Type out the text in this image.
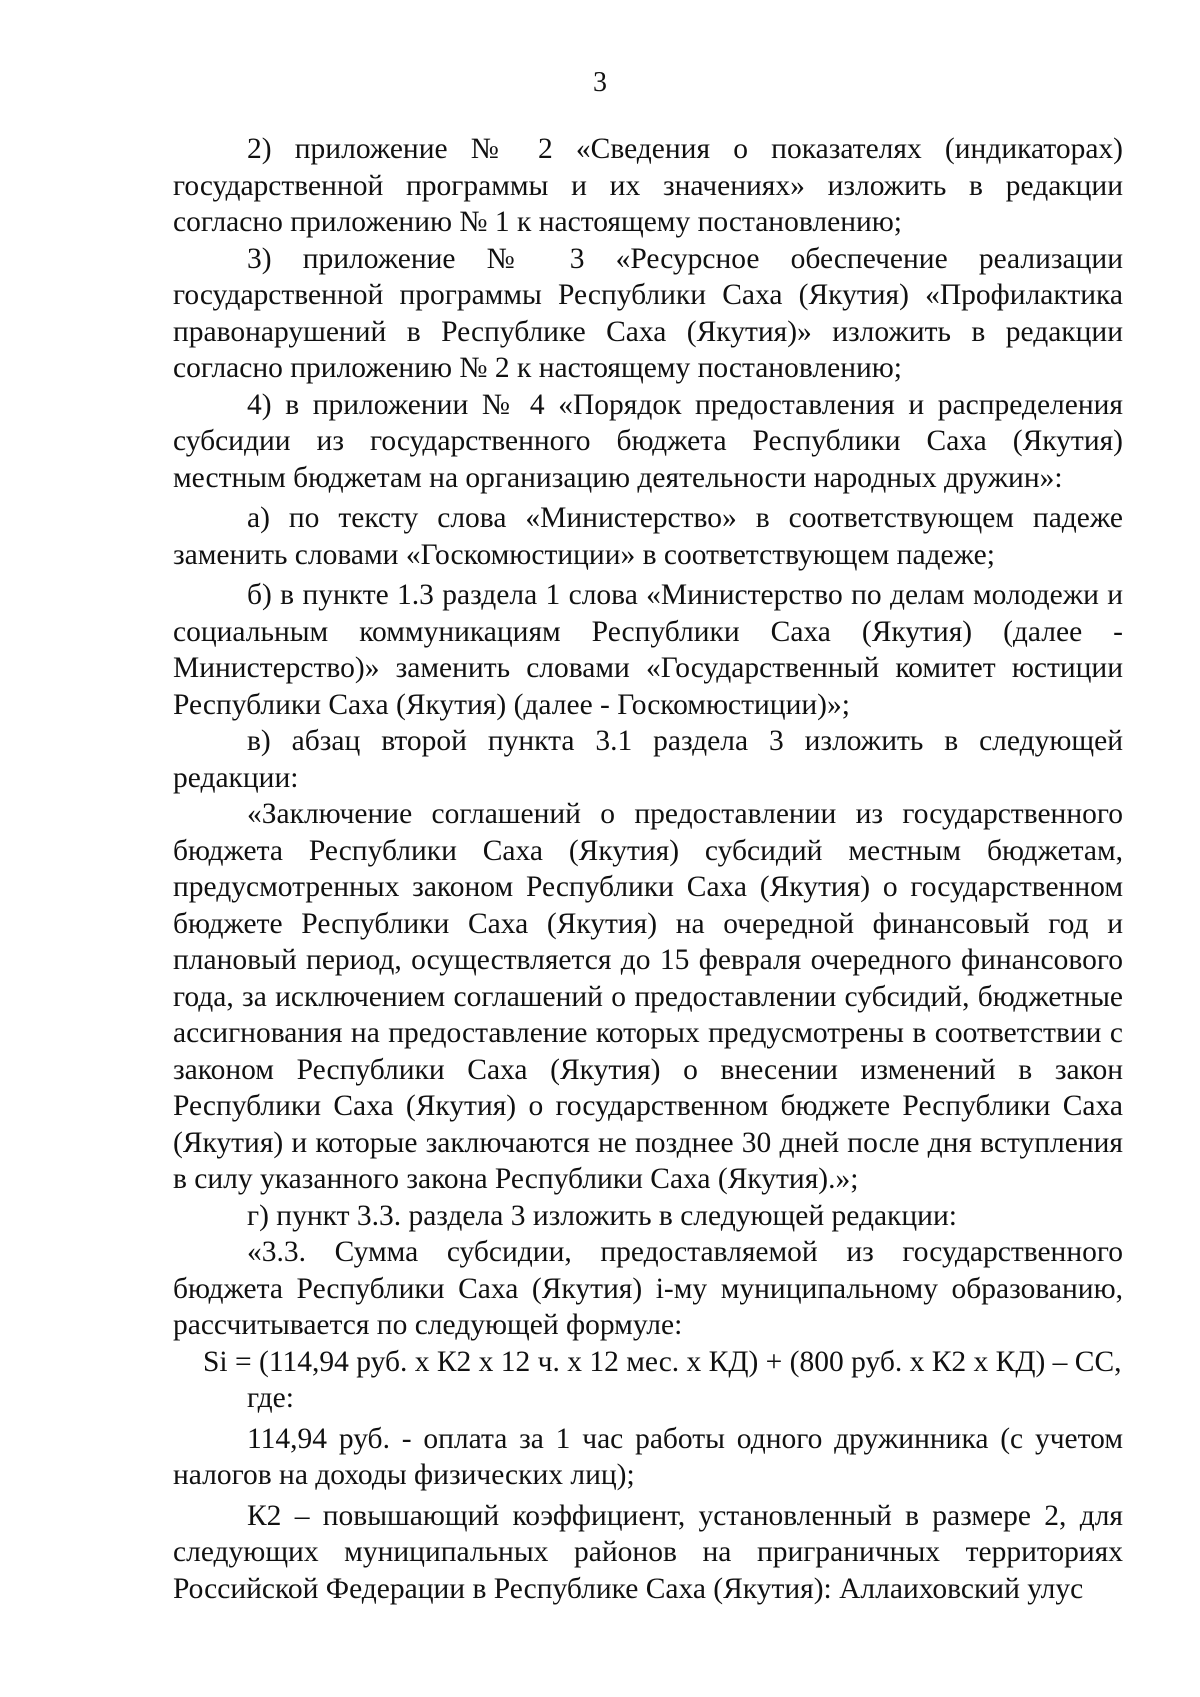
3

2) приложение № 2 «Сведения о показателях (индикаторах) государственной программы и их значениях» изложить в редакции согласно приложению № 1 к настоящему постановлению;

3) приложение № 3 «Ресурсное обеспечение реализации государственной программы Республики Саха (Якутия) «Профилактика правонарушений в Республике Саха (Якутия)» изложить в редакции согласно приложению № 2 к настоящему постановлению;

4) в приложении № 4 «Порядок предоставления и распределения субсидии из государственного бюджета Республики Саха (Якутия) местным бюджетам на организацию деятельности народных дружин»:

а) по тексту слова «Министерство» в соответствующем падеже заменить словами «Госкомюстиции» в соответствующем падеже;

б) в пункте 1.3 раздела 1 слова «Министерство по делам молодежи и социальным коммуникациям Республики Саха (Якутия) (далее - Министерство)» заменить словами «Государственный комитет юстиции Республики Саха (Якутия) (далее - Госкомюстиции)»;

в) абзац второй пункта 3.1 раздела 3 изложить в следующей редакции:

«Заключение соглашений о предоставлении из государственного бюджета Республики Саха (Якутия) субсидий местным бюджетам, предусмотренных законом Республики Саха (Якутия) о государственном бюджете Республики Саха (Якутия) на очередной финансовый год и плановый период, осуществляется до 15 февраля очередного финансового года, за исключением соглашений о предоставлении субсидий, бюджетные ассигнования на предоставление которых предусмотрены в соответствии с законом Республики Саха (Якутия) о внесении изменений в закон Республики Саха (Якутия) о государственном бюджете Республики Саха (Якутия) и которые заключаются не позднее 30 дней после дня вступления в силу указанного закона Республики Саха (Якутия).»;

г) пункт 3.3. раздела 3 изложить в следующей редакции:

«3.3. Сумма субсидии, предоставляемой из государственного бюджета Республики Саха (Якутия) i-му муниципальному образованию, рассчитывается по следующей формуле:

Si = (114,94 руб. х К2 х 12 ч. х 12 мес. х КД) + (800 руб. х К2 х КД) – СС,

где:

114,94 руб. - оплата за 1 час работы одного дружинника (с учетом налогов на доходы физических лиц);

К2 – повышающий коэффициент, установленный в размере 2, для следующих муниципальных районов на приграничных территориях Российской Федерации в Республике Саха (Якутия): Аллаиховский улус
